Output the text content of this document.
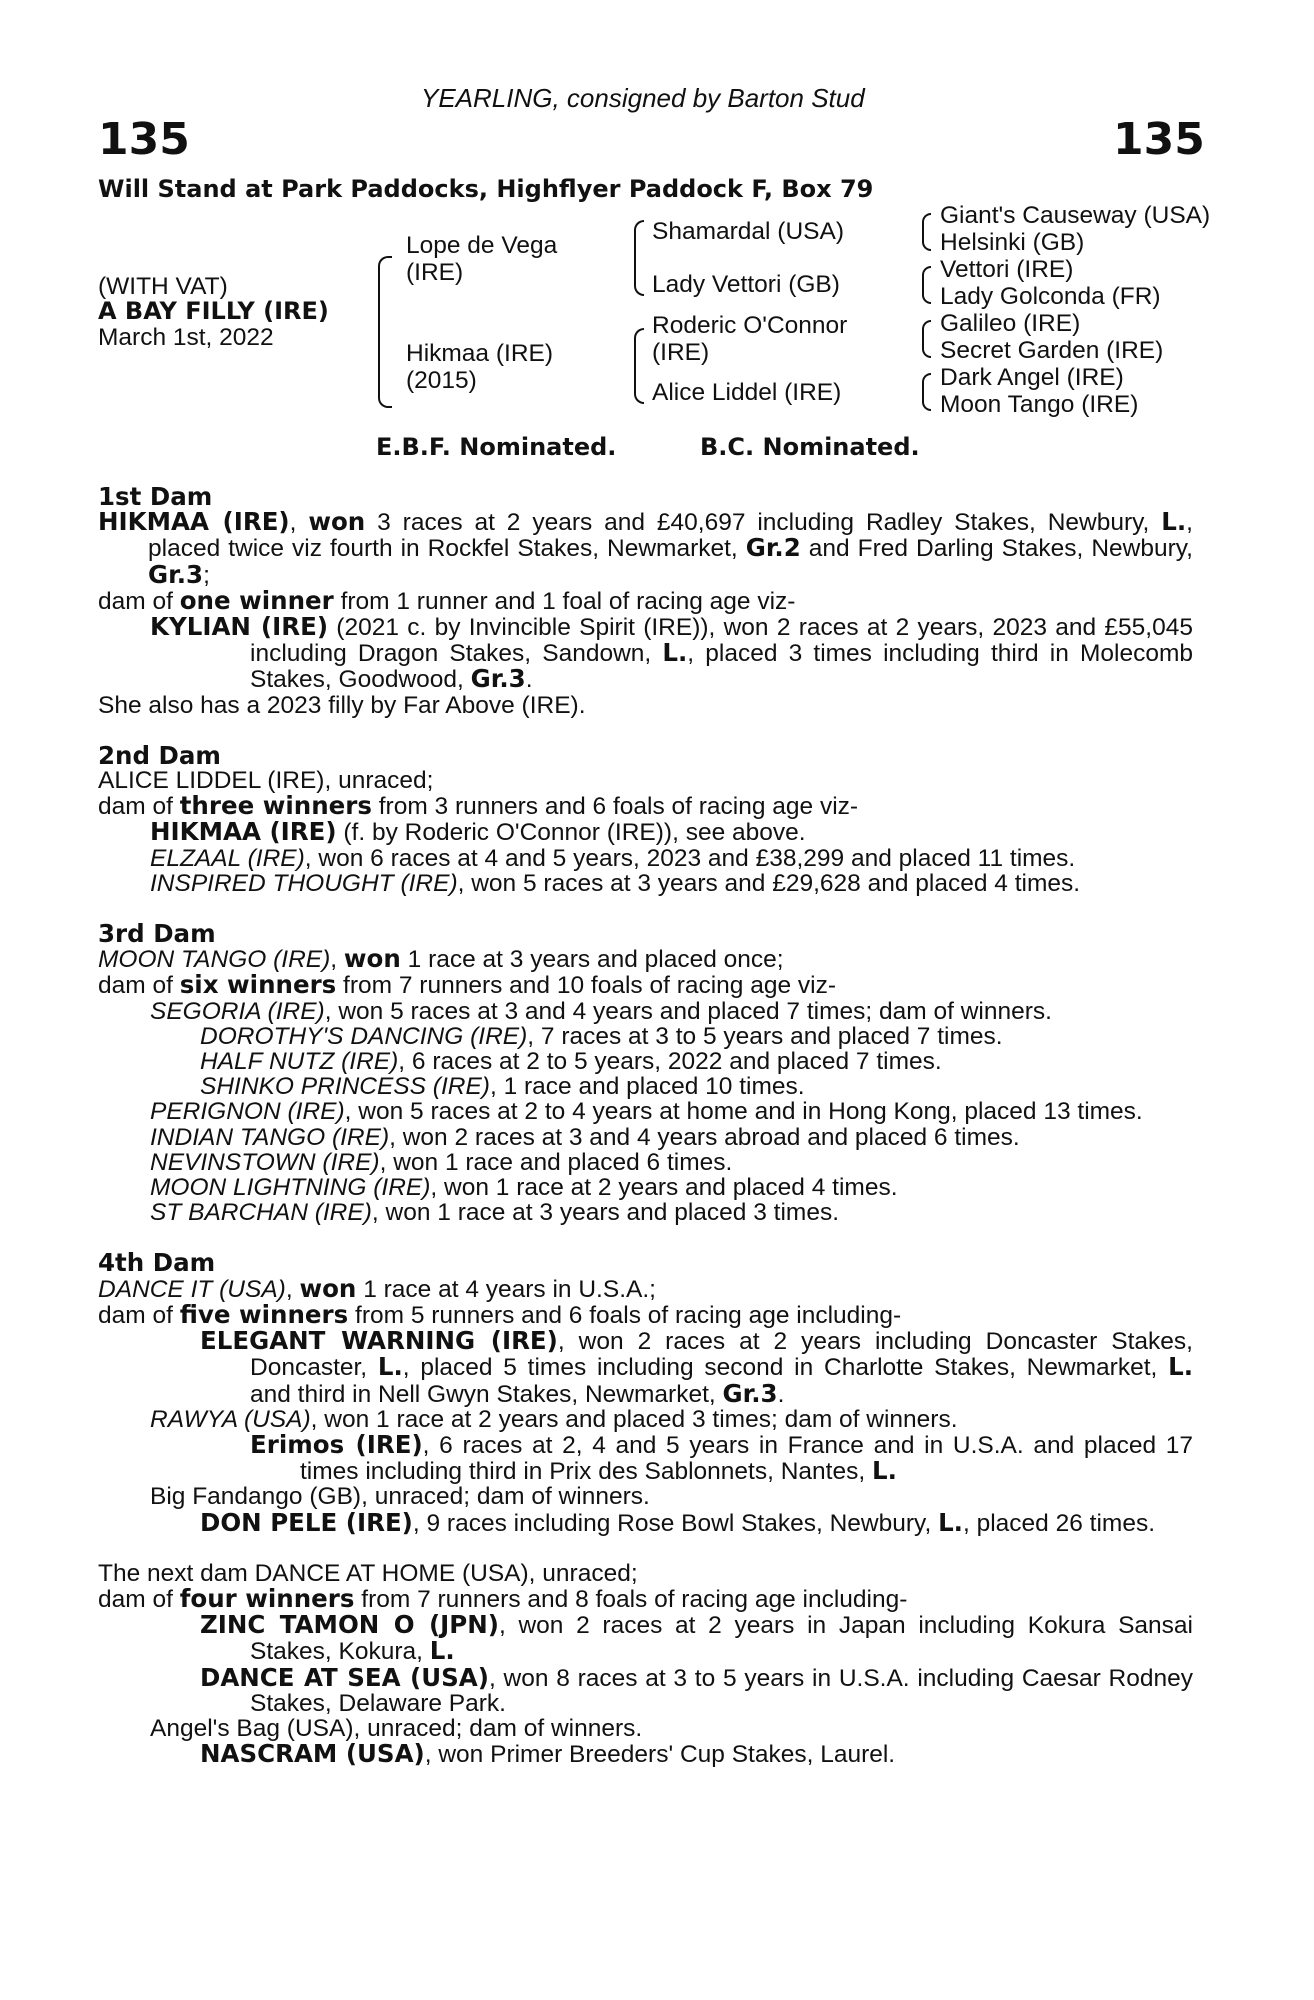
YEARLING, consigned by Barton Stud
135	135
Will Stand at Park Paddocks, Highflyer Paddock F, Box 79
(WITH VAT)
A BAY FILLY (IRE)
March 1st, 2022
Lope de Vega
(IRE)
Hikmaa (IRE)
(2015)
Shamardal (USA)
Lady Vettori (GB)
Roderic O'Connor
(IRE)
Alice Liddel (IRE)
Giant's Causeway (USA)
Helsinki (GB)
Vettori (IRE)
Lady Golconda (FR)
Galileo (IRE)
Secret Garden (IRE)
Dark Angel (IRE)
Moon Tango (IRE)
E.B.F. Nominated.	B.C. Nominated.
1st Dam
HIKMAA (IRE), won 3 races at 2 years and £40,697 including Radley Stakes, Newbury, L., placed twice viz fourth in Rockfel Stakes, Newmarket, Gr.2 and Fred Darling Stakes, Newbury, Gr.3;
dam of one winner from 1 runner and 1 foal of racing age viz-
KYLIAN (IRE) (2021 c. by Invincible Spirit (IRE)), won 2 races at 2 years, 2023 and £55,045 including Dragon Stakes, Sandown, L., placed 3 times including third in Molecomb Stakes, Goodwood, Gr.3.
She also has a 2023 filly by Far Above (IRE).
2nd Dam
ALICE LIDDEL (IRE), unraced;
dam of three winners from 3 runners and 6 foals of racing age viz-
HIKMAA (IRE) (f. by Roderic O'Connor (IRE)), see above.
ELZAAL (IRE), won 6 races at 4 and 5 years, 2023 and £38,299 and placed 11 times.
INSPIRED THOUGHT (IRE), won 5 races at 3 years and £29,628 and placed 4 times.
3rd Dam
MOON TANGO (IRE), won 1 race at 3 years and placed once;
dam of six winners from 7 runners and 10 foals of racing age viz-
SEGORIA (IRE), won 5 races at 3 and 4 years and placed 7 times; dam of winners.
DOROTHY'S DANCING (IRE), 7 races at 3 to 5 years and placed 7 times.
HALF NUTZ (IRE), 6 races at 2 to 5 years, 2022 and placed 7 times.
SHINKO PRINCESS (IRE), 1 race and placed 10 times.
PERIGNON (IRE), won 5 races at 2 to 4 years at home and in Hong Kong, placed 13 times.
INDIAN TANGO (IRE), won 2 races at 3 and 4 years abroad and placed 6 times.
NEVINSTOWN (IRE), won 1 race and placed 6 times.
MOON LIGHTNING (IRE), won 1 race at 2 years and placed 4 times.
ST BARCHAN (IRE), won 1 race at 3 years and placed 3 times.
4th Dam
DANCE IT (USA), won 1 race at 4 years in U.S.A.;
dam of five winners from 5 runners and 6 foals of racing age including-
ELEGANT WARNING (IRE), won 2 races at 2 years including Doncaster Stakes, Doncaster, L., placed 5 times including second in Charlotte Stakes, Newmarket, L. and third in Nell Gwyn Stakes, Newmarket, Gr.3.
RAWYA (USA), won 1 race at 2 years and placed 3 times; dam of winners.
Erimos (IRE), 6 races at 2, 4 and 5 years in France and in U.S.A. and placed 17 times including third in Prix des Sablonnets, Nantes, L.
Big Fandango (GB), unraced; dam of winners.
DON PELE (IRE), 9 races including Rose Bowl Stakes, Newbury, L., placed 26 times.
The next dam DANCE AT HOME (USA), unraced;
dam of four winners from 7 runners and 8 foals of racing age including-
ZINC TAMON O (JPN), won 2 races at 2 years in Japan including Kokura Sansai Stakes, Kokura, L.
DANCE AT SEA (USA), won 8 races at 3 to 5 years in U.S.A. including Caesar Rodney Stakes, Delaware Park.
Angel's Bag (USA), unraced; dam of winners.
NASCRAM (USA), won Primer Breeders' Cup Stakes, Laurel.
